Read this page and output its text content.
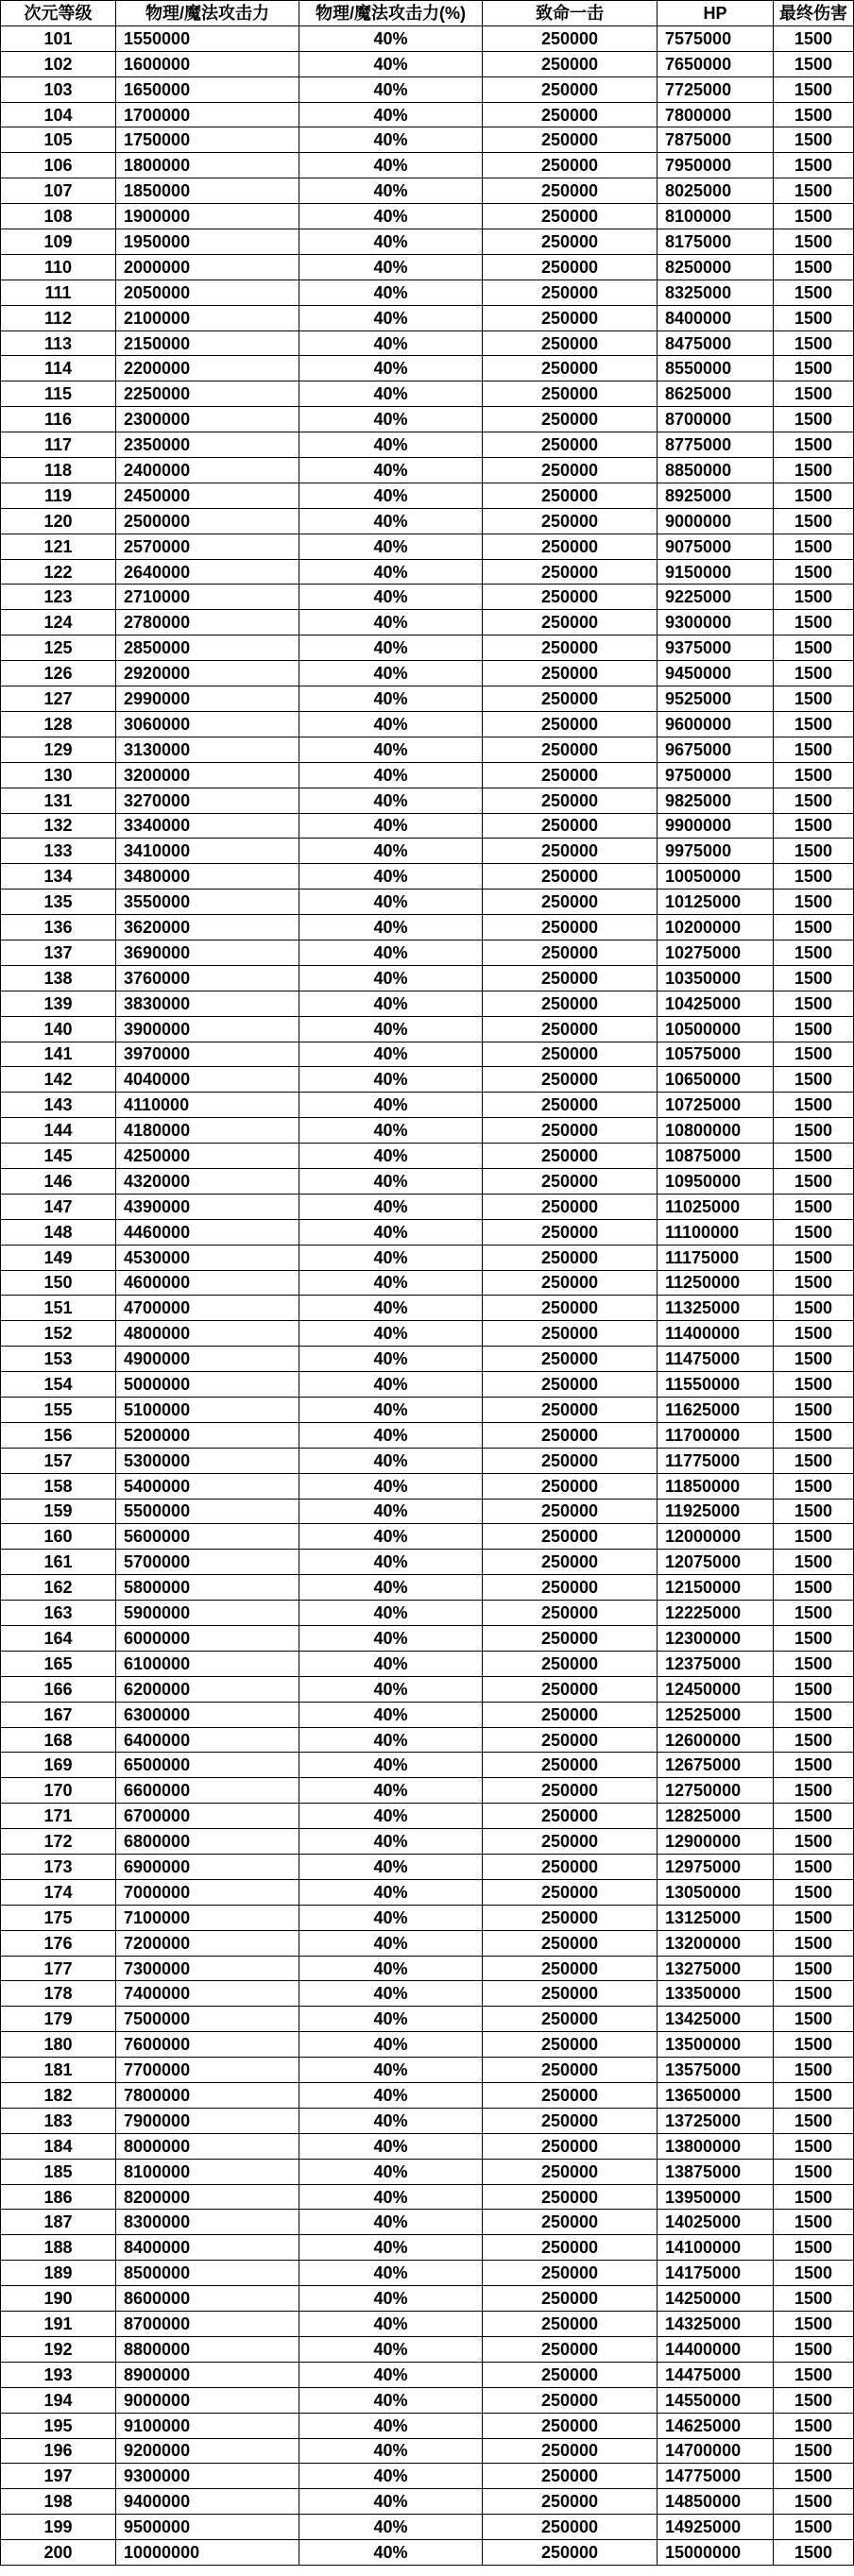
次元等级	物理/魔法攻击力	物理/魔法攻击力(%)	致命一击	HP	最终伤害
101	1550000	40%	250000	7575000	1500
102	1600000	40%	250000	7650000	1500
103	1650000	40%	250000	7725000	1500
104	1700000	40%	250000	7800000	1500
105	1750000	40%	250000	7875000	1500
106	1800000	40%	250000	7950000	1500
107	1850000	40%	250000	8025000	1500
108	1900000	40%	250000	8100000	1500
109	1950000	40%	250000	8175000	1500
110	2000000	40%	250000	8250000	1500
111	2050000	40%	250000	8325000	1500
112	2100000	40%	250000	8400000	1500
113	2150000	40%	250000	8475000	1500
114	2200000	40%	250000	8550000	1500
115	2250000	40%	250000	8625000	1500
116	2300000	40%	250000	8700000	1500
117	2350000	40%	250000	8775000	1500
118	2400000	40%	250000	8850000	1500
119	2450000	40%	250000	8925000	1500
120	2500000	40%	250000	9000000	1500
121	2570000	40%	250000	9075000	1500
122	2640000	40%	250000	9150000	1500
123	2710000	40%	250000	9225000	1500
124	2780000	40%	250000	9300000	1500
125	2850000	40%	250000	9375000	1500
126	2920000	40%	250000	9450000	1500
127	2990000	40%	250000	9525000	1500
128	3060000	40%	250000	9600000	1500
129	3130000	40%	250000	9675000	1500
130	3200000	40%	250000	9750000	1500
131	3270000	40%	250000	9825000	1500
132	3340000	40%	250000	9900000	1500
133	3410000	40%	250000	9975000	1500
134	3480000	40%	250000	10050000	1500
135	3550000	40%	250000	10125000	1500
136	3620000	40%	250000	10200000	1500
137	3690000	40%	250000	10275000	1500
138	3760000	40%	250000	10350000	1500
139	3830000	40%	250000	10425000	1500
140	3900000	40%	250000	10500000	1500
141	3970000	40%	250000	10575000	1500
142	4040000	40%	250000	10650000	1500
143	4110000	40%	250000	10725000	1500
144	4180000	40%	250000	10800000	1500
145	4250000	40%	250000	10875000	1500
146	4320000	40%	250000	10950000	1500
147	4390000	40%	250000	11025000	1500
148	4460000	40%	250000	11100000	1500
149	4530000	40%	250000	11175000	1500
150	4600000	40%	250000	11250000	1500
151	4700000	40%	250000	11325000	1500
152	4800000	40%	250000	11400000	1500
153	4900000	40%	250000	11475000	1500
154	5000000	40%	250000	11550000	1500
155	5100000	40%	250000	11625000	1500
156	5200000	40%	250000	11700000	1500
157	5300000	40%	250000	11775000	1500
158	5400000	40%	250000	11850000	1500
159	5500000	40%	250000	11925000	1500
160	5600000	40%	250000	12000000	1500
161	5700000	40%	250000	12075000	1500
162	5800000	40%	250000	12150000	1500
163	5900000	40%	250000	12225000	1500
164	6000000	40%	250000	12300000	1500
165	6100000	40%	250000	12375000	1500
166	6200000	40%	250000	12450000	1500
167	6300000	40%	250000	12525000	1500
168	6400000	40%	250000	12600000	1500
169	6500000	40%	250000	12675000	1500
170	6600000	40%	250000	12750000	1500
171	6700000	40%	250000	12825000	1500
172	6800000	40%	250000	12900000	1500
173	6900000	40%	250000	12975000	1500
174	7000000	40%	250000	13050000	1500
175	7100000	40%	250000	13125000	1500
176	7200000	40%	250000	13200000	1500
177	7300000	40%	250000	13275000	1500
178	7400000	40%	250000	13350000	1500
179	7500000	40%	250000	13425000	1500
180	7600000	40%	250000	13500000	1500
181	7700000	40%	250000	13575000	1500
182	7800000	40%	250000	13650000	1500
183	7900000	40%	250000	13725000	1500
184	8000000	40%	250000	13800000	1500
185	8100000	40%	250000	13875000	1500
186	8200000	40%	250000	13950000	1500
187	8300000	40%	250000	14025000	1500
188	8400000	40%	250000	14100000	1500
189	8500000	40%	250000	14175000	1500
190	8600000	40%	250000	14250000	1500
191	8700000	40%	250000	14325000	1500
192	8800000	40%	250000	14400000	1500
193	8900000	40%	250000	14475000	1500
194	9000000	40%	250000	14550000	1500
195	9100000	40%	250000	14625000	1500
196	9200000	40%	250000	14700000	1500
197	9300000	40%	250000	14775000	1500
198	9400000	40%	250000	14850000	1500
199	9500000	40%	250000	14925000	1500
200	10000000	40%	250000	15000000	1500
